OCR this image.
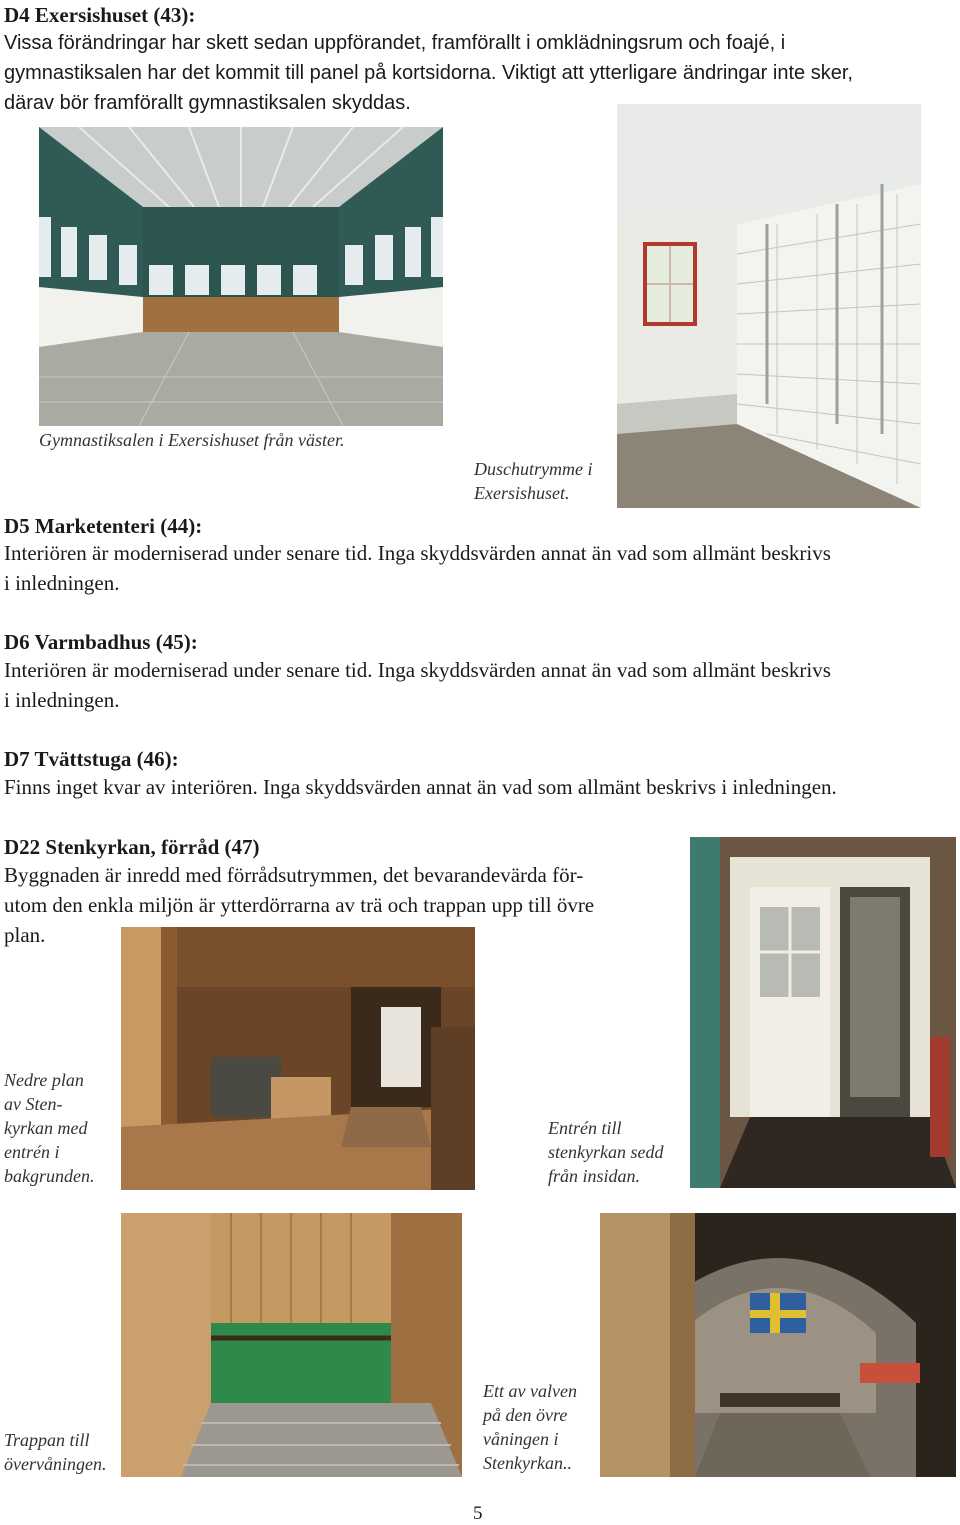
D4 Exersishuset (43):
Vissa förändringar har skett sedan uppförandet, framförallt i omklädningsrum och foajé, i
gymnastiksalen har det kommit till panel på kortsidorna. Viktigt att ytterligare ändringar inte sker,
därav bör framförallt gymnastiksalen skyddas.
Gymnastiksalen i Exersishuset från väster.
Duschutrymme i
Exersishuset.
D5 Marketenteri (44):
Interiören är moderniserad under senare tid. Inga skyddsvärden annat än vad som allmänt beskrivs
i inledningen.
D6 Varmbadhus (45):
Interiören är moderniserad under senare tid. Inga skyddsvärden annat än vad som allmänt beskrivs
i inledningen.
D7 Tvättstuga (46):
Finns inget kvar av interiören. Inga skyddsvärden annat än vad som allmänt beskrivs i inledningen.
D22 Stenkyrkan, förråd (47)
Byggnaden är inredd med förrådsutrymmen, det bevarandevärda för-
utom den enkla miljön är ytterdörrarna av trä och trappan upp till övre
plan.
Nedre plan
av Sten-
kyrkan med
entrén i
bakgrunden.
Entrén till
stenkyrkan sedd
från insidan.
Trappan till
övervåningen.
Ett av valven
på den övre
våningen i
Stenkyrkan..
5
